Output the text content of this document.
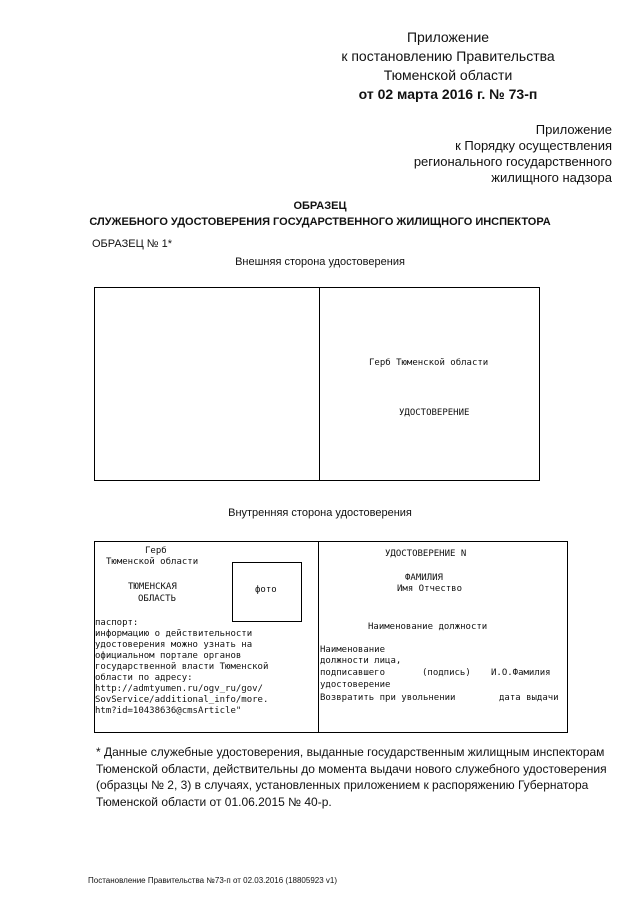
Приложение
к постановлению Правительства
Тюменской области
от 02 марта 2016 г. № 73-п
Приложение
к Порядку осуществления
регионального государственного
жилищного надзора
ОБРАЗЕЦ
СЛУЖЕБНОГО УДОСТОВЕРЕНИЯ ГОСУДАРСТВЕННОГО ЖИЛИЩНОГО ИНСПЕКТОРА
ОБРАЗЕЦ № 1*
Внешняя сторона удостоверения
Герб Тюменской области
УДОСТОВЕРЕНИЕ
Внутренняя сторона удостоверения
Герб
Тюменской области
ТЮМЕНСКАЯ
ОБЛАСТЬ
фото
паспорт:
информацию о действительности
удостоверения можно узнать на
официальном портале органов
государственной власти Тюменской
области по адресу:
http://admtyumen.ru/ogv_ru/gov/
SovService/additional_info/more.
htm?id=10438636@cmsArticle"
УДОСТОВЕРЕНИЕ N
ФАМИЛИЯ
Имя Отчество
Наименование должности
Наименование
должности лица,
подписавшего	(подпись) И.О.Фамилия
удостоверение
Возвратить при увольнении	дата выдачи
* Данные служебные удостоверения, выданные государственным жилищным инспекторам Тюменской области, действительны до момента выдачи нового служебного удостоверения (образцы № 2, 3) в случаях, установленных приложением к распоряжению Губернатора Тюменской области от 01.06.2015 № 40-р.
Постановление Правительства №73-п от 02.03.2016 (18805923 v1)
